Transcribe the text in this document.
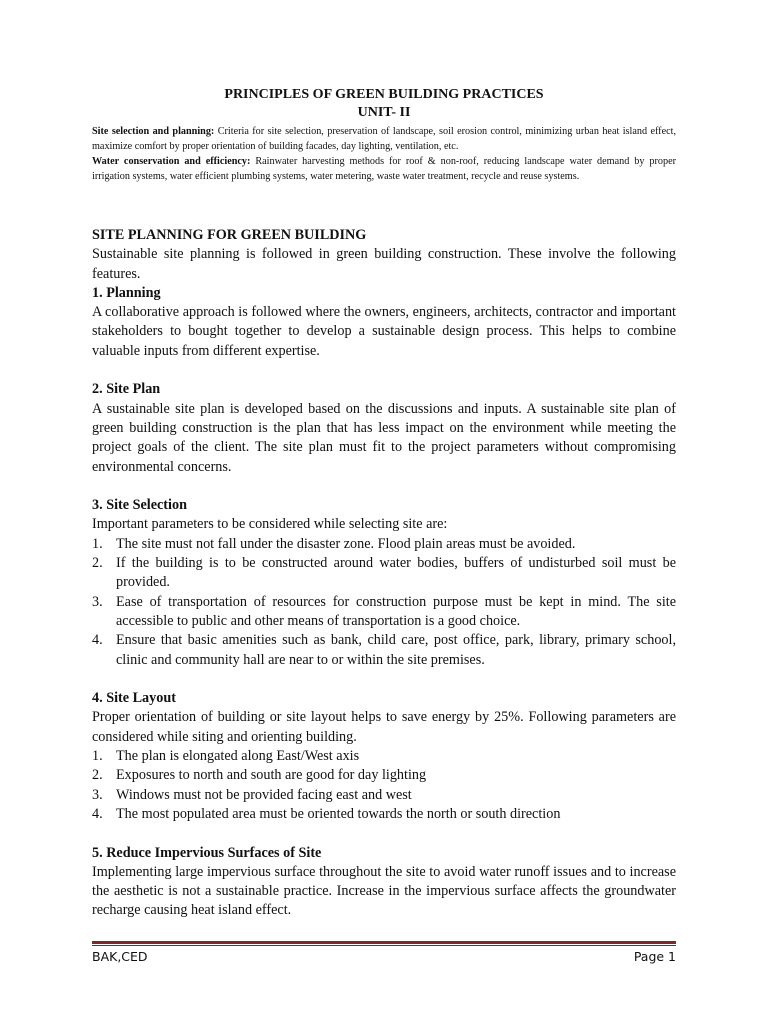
PRINCIPLES OF GREEN BUILDING PRACTICES

UNIT- II

Site selection and planning: Criteria for site selection, preservation of landscape, soil erosion control, minimizing urban heat island effect, maximize comfort by proper orientation of building facades, day lighting, ventilation, etc.

Water conservation and efficiency: Rainwater harvesting methods for roof & non-roof, reducing landscape water demand by proper irrigation systems, water efficient plumbing systems, water metering, waste water treatment, recycle and reuse systems.

SITE PLANNING FOR GREEN BUILDING

Sustainable site planning is followed in green building construction. These involve the following features.

1. Planning

A collaborative approach is followed where the owners, engineers, architects, contractor and important stakeholders to bought together to develop a sustainable design process. This helps to combine valuable inputs from different expertise.

2. Site Plan

A sustainable site plan is developed based on the discussions and inputs. A sustainable site plan of green building construction is the plan that has less impact on the environment while meeting the project goals of the client. The site plan must fit to the project parameters without compromising environmental concerns.

3. Site Selection

Important parameters to be considered while selecting site are:

1. The site must not fall under the disaster zone. Flood plain areas must be avoided.
2. If the building is to be constructed around water bodies, buffers of undisturbed soil must be provided.
3. Ease of transportation of resources for construction purpose must be kept in mind. The site accessible to public and other means of transportation is a good choice.
4. Ensure that basic amenities such as bank, child care, post office, park, library, primary school, clinic and community hall are near to or within the site premises.

4. Site Layout

Proper orientation of building or site layout helps to save energy by 25%. Following parameters are considered while siting and orienting building.

1. The plan is elongated along East/West axis
2. Exposures to north and south are good for day lighting
3. Windows must not be provided facing east and west
4. The most populated area must be oriented towards the north or south direction

5. Reduce Impervious Surfaces of Site

Implementing large impervious surface throughout the site to avoid water runoff issues and to increase the aesthetic is not a sustainable practice. Increase in the impervious surface affects the groundwater recharge causing heat island effect.

BAK,CED	Page 1
